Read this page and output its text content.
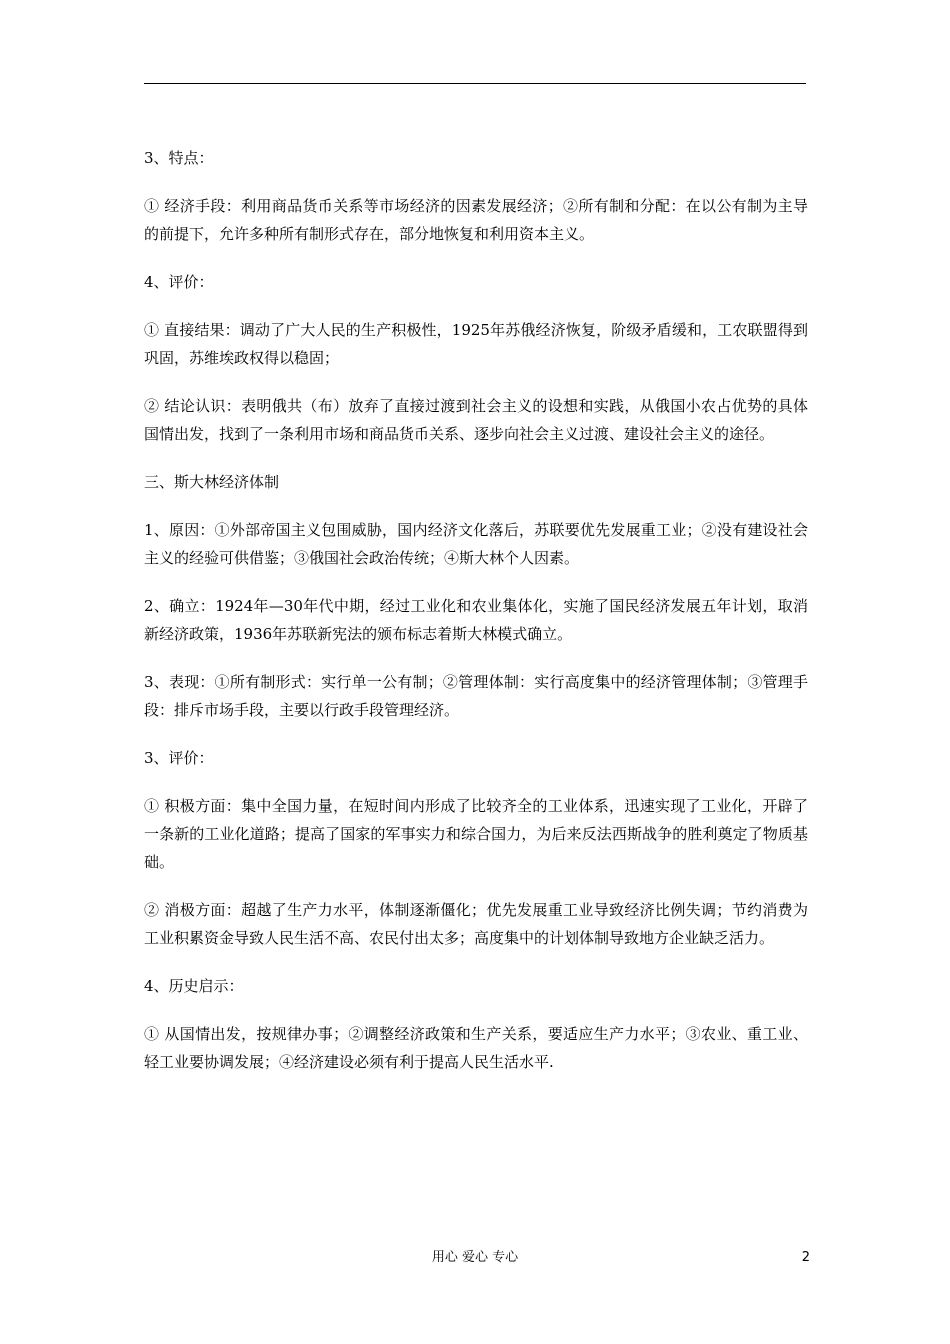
3、特点：

① 经济手段：利用商品货币关系等市场经济的因素发展经济；②所有制和分配：在以公有制为主导的前提下，允许多种所有制形式存在，部分地恢复和利用资本主义。

4、评价：

① 直接结果：调动了广大人民的生产积极性，1925年苏俄经济恢复，阶级矛盾缓和，工农联盟得到巩固，苏维埃政权得以稳固；

② 结论认识：表明俄共（布）放弃了直接过渡到社会主义的设想和实践，从俄国小农占优势的具体国情出发，找到了一条利用市场和商品货币关系、逐步向社会主义过渡、建设社会主义的途径。

三、斯大林经济体制

1、原因：①外部帝国主义包围威胁，国内经济文化落后，苏联要优先发展重工业；②没有建设社会主义的经验可供借鉴；③俄国社会政治传统；④斯大林个人因素。

2、确立：1924年—30年代中期，经过工业化和农业集体化，实施了国民经济发展五年计划，取消新经济政策，1936年苏联新宪法的颁布标志着斯大林模式确立。

3、表现：①所有制形式：实行单一公有制；②管理体制：实行高度集中的经济管理体制；③管理手段：排斥市场手段，主要以行政手段管理经济。

3、评价：

① 积极方面：集中全国力量，在短时间内形成了比较齐全的工业体系，迅速实现了工业化，开辟了一条新的工业化道路；提高了国家的军事实力和综合国力，为后来反法西斯战争的胜利奠定了物质基础。

② 消极方面：超越了生产力水平，体制逐渐僵化；优先发展重工业导致经济比例失调；节约消费为工业积累资金导致人民生活不高、农民付出太多；高度集中的计划体制导致地方企业缺乏活力。

4、历史启示：

① 从国情出发，按规律办事；②调整经济政策和生产关系，要适应生产力水平；③农业、重工业、轻工业要协调发展；④经济建设必须有利于提高人民生活水平.

用心 爱心 专心	2
